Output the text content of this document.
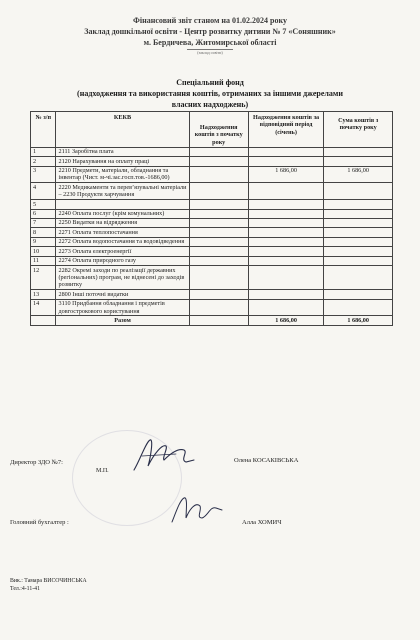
Фінансовий звіт станом на 01.02.2024 року
Заклад дошкільної освіти - Центр розвитку дитини № 7 «Соняшник»
м. Бердичева, Житомирської області
(заклад освіти)
Спеціальний фонд
(надходження та використання коштів, отриманих за іншими джерелами
власних надходжень)
№ з/п	КЕКВ	Надходження коштів з початку року	Надходження коштів за відповідний період (січень)	Сума коштів з початку року
1	2111 Заробітна плата			
2	2120 Нарахування на оплату праці			
3	2210 Предмети, матеріали, обладнання та інвентар (Чист. м-чі.зас.госп.тов.-1686,00)		1 686,00	1 686,00
4	2220 Медикаменти та перев’язувальні матеріали – 2230 Продукти харчування			
5				
6	2240 Оплата послуг (крім комунальних)			
7	2250 Видатки на відрядження			
8	2271 Оплата теплопостачання			
9	2272 Оплата водопостачання та водовідведення			
10	2273 Оплата електроенергії			
11	2274 Оплата природного газу			
12	2282 Окремі заходи по реалізації державних (регіональних) програм, не віднесені до заходів розвитку			
13	2800 Інші поточні видатки			
14	3110 Придбання обладнання і предметів довгострокового користування			
	Разом		1 686,00	1 686,00
Директор ЗДО №7:
М.П.
Олена КОСАКІВСЬКА
Головний бухгалтер :	Алла ХОМИЧ
Вик.: Тамара ВИСОЧИНСЬКА
Тел.:4-11-41
